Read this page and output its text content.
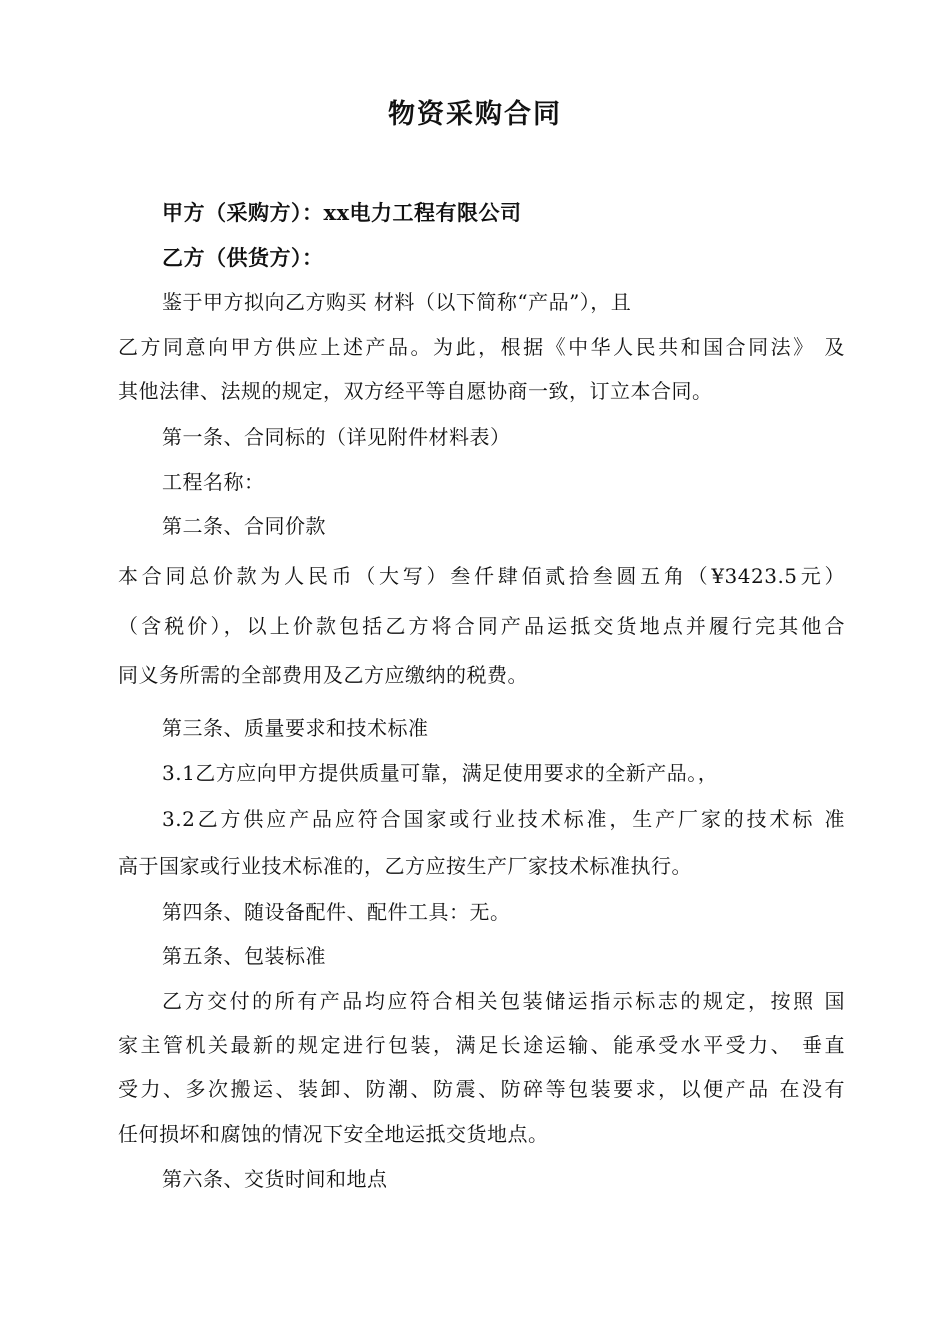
物资采购合同
甲方（采购方）：xx电力工程有限公司
乙方（供货方）：
鉴于甲方拟向乙方购买 材料（以下简称“产品”），且
乙方同意向甲方供应上述产品。为此，根据《中华人民共和国合同法》 及
其他法律、法规的规定，双方经平等自愿协商一致，订立本合同。
第一条、合同标的（详见附件材料表）
工程名称：
第二条、合同价款
本合同总价款为人民币（大写）叁仟肆佰贰拾叁圆五角（¥3423.5元）
（含税价），以上价款包括乙方将合同产品运抵交货地点并履行完其他合
同义务所需的全部费用及乙方应缴纳的税费。
第三条、质量要求和技术标准
3.1乙方应向甲方提供质量可靠，满足使用要求的全新产品。，
3.2乙方供应产品应符合国家或行业技术标准，生产厂家的技术标 准
高于国家或行业技术标准的，乙方应按生产厂家技术标准执行。
第四条、随设备配件、配件工具：无。
第五条、包装标准
乙方交付的所有产品均应符合相关包装储运指示标志的规定，按照 国
家主管机关最新的规定进行包装，满足长途运输、能承受水平受力、 垂直
受力、多次搬运、装卸、防潮、防震、防碎等包装要求，以便产品 在没有
任何损坏和腐蚀的情况下安全地运抵交货地点。
第六条、交货时间和地点
